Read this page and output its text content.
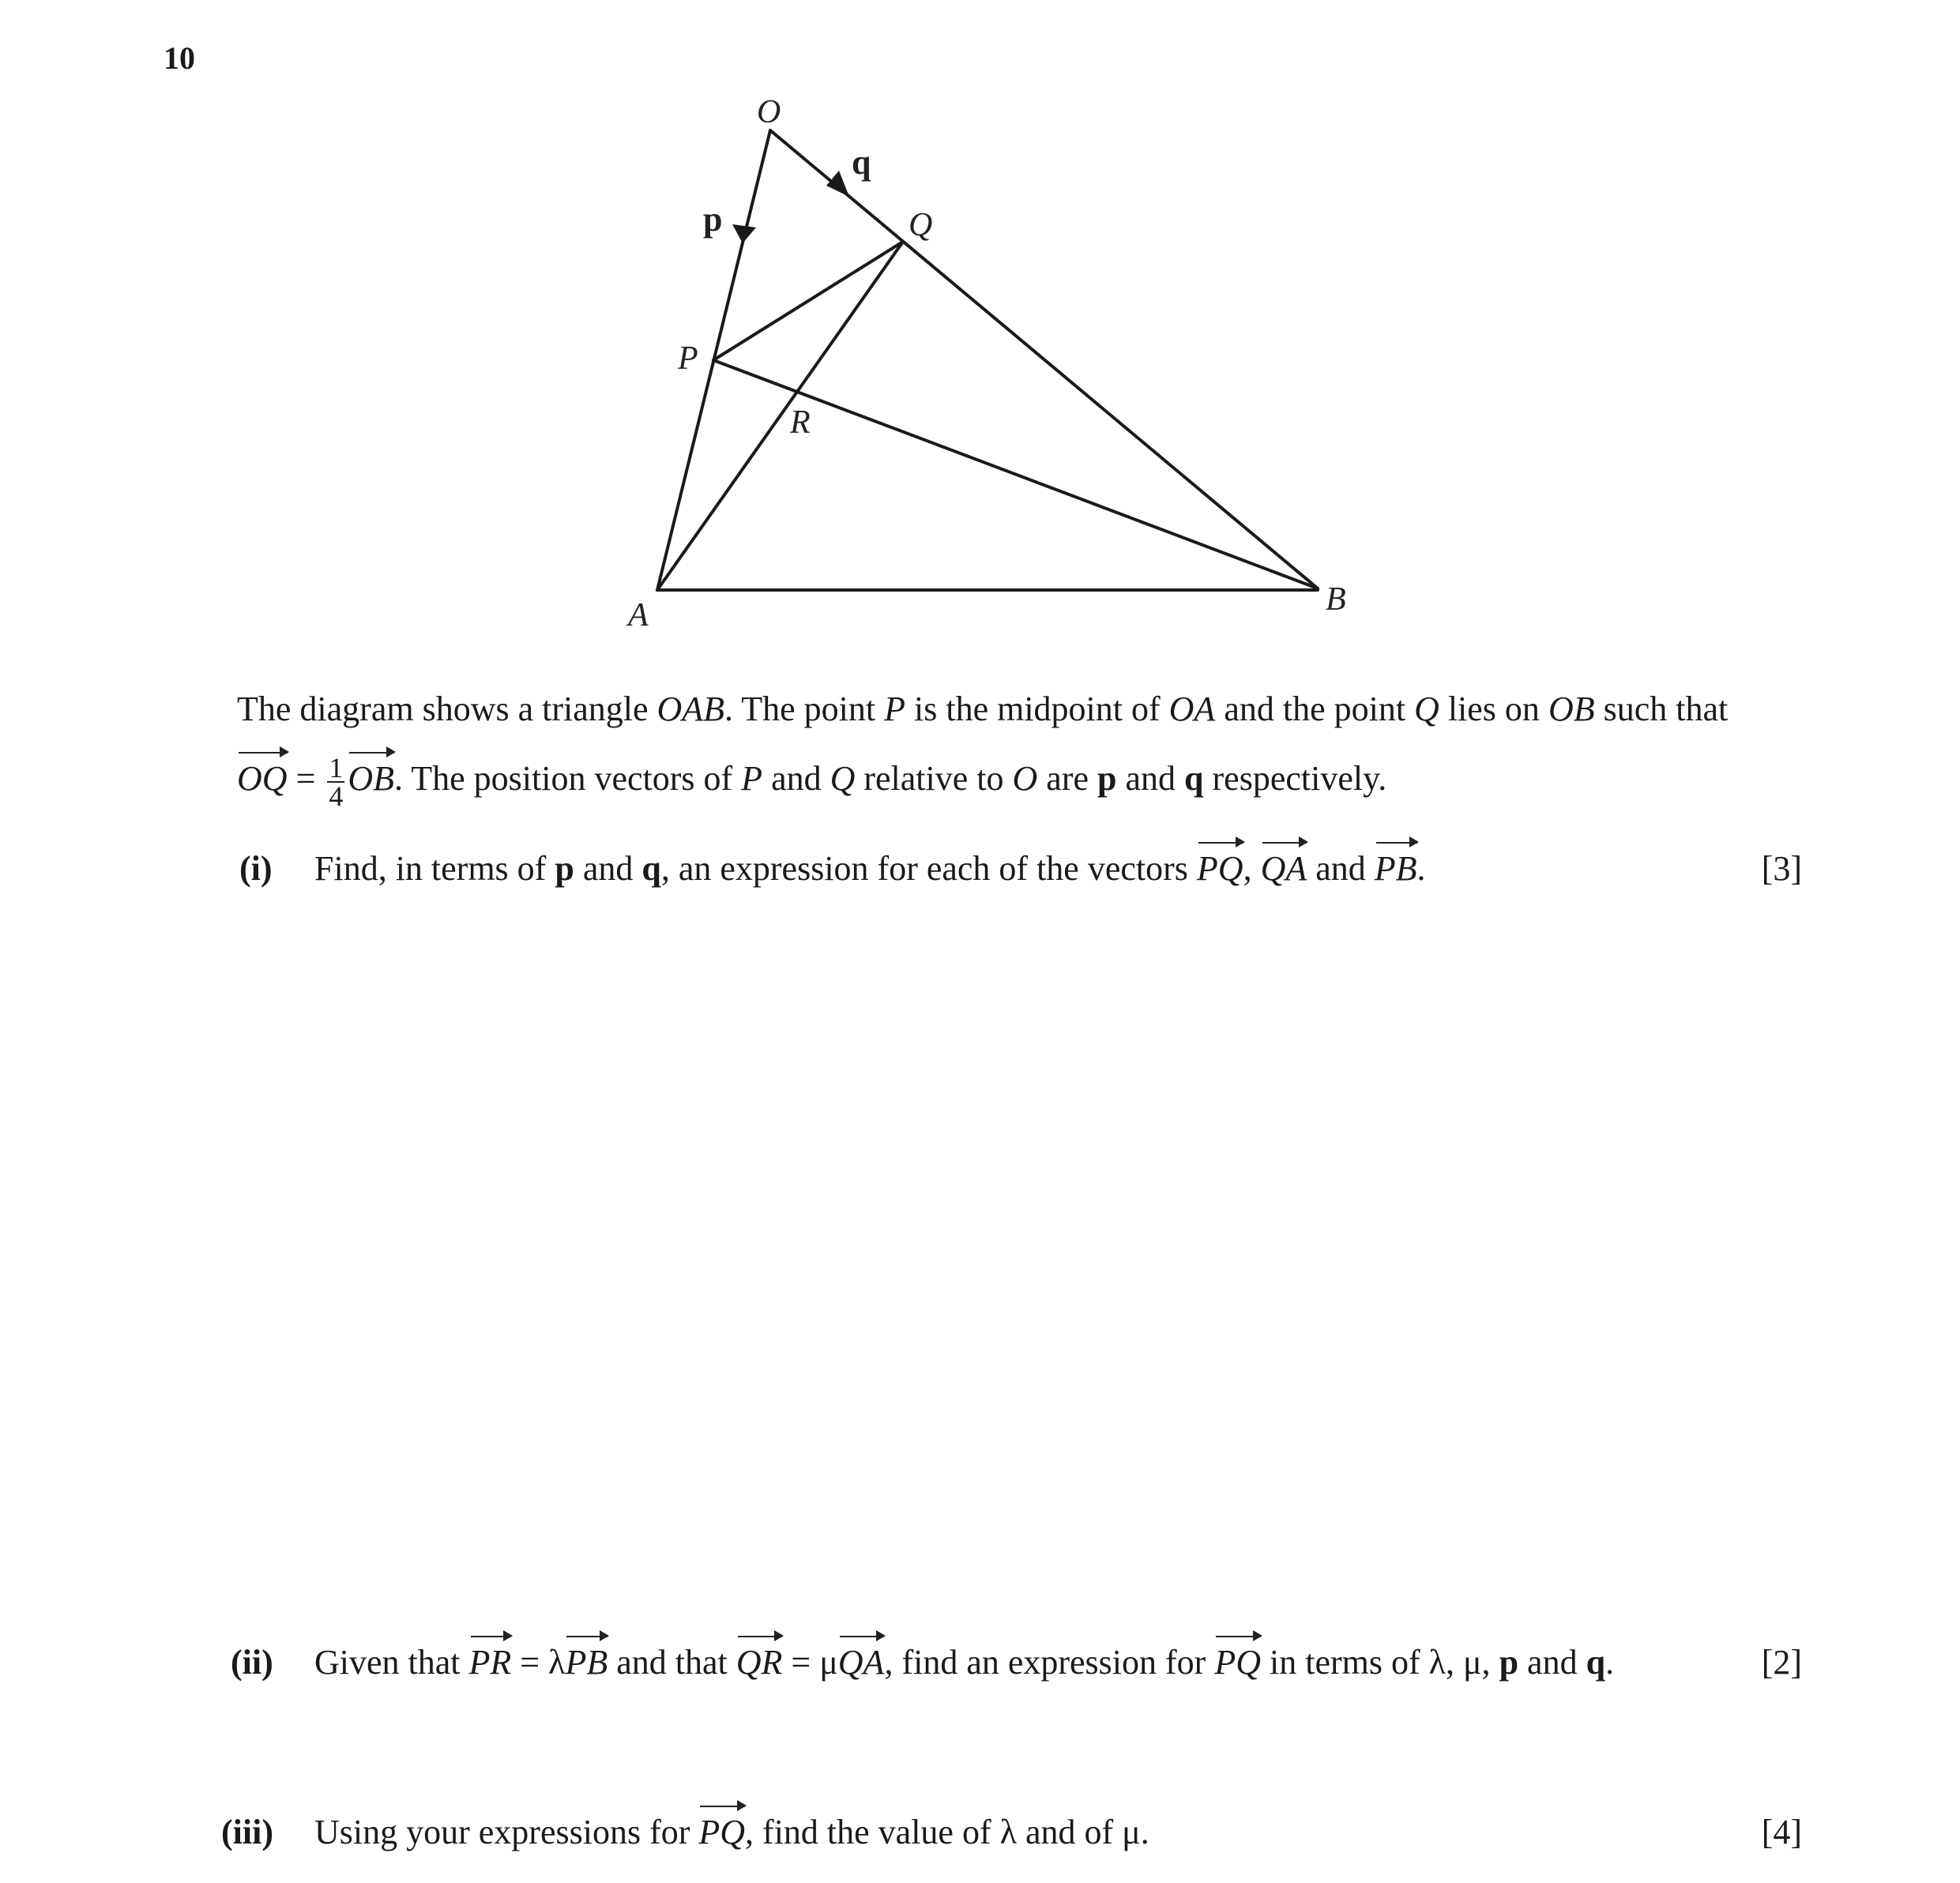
10
O
Q
P
R
A	B
p
q
The diagram shows a triangle OAB. The point P is the midpoint of OA and the point Q lies on OB such that
OQ = $\frac{1}{4}$ OB. The position vectors of P and Q relative to O are p and q respectively.
(i) Find, in terms of p and q, an expression for each of the vectors PQ, QA and PB.	[3]
(ii) Given that PR = λPB and that QR = μQA, find an expression for PQ in terms of λ, μ, p and q.	[2]
(iii) Using your expressions for PQ, find the value of λ and of μ.	[4]
